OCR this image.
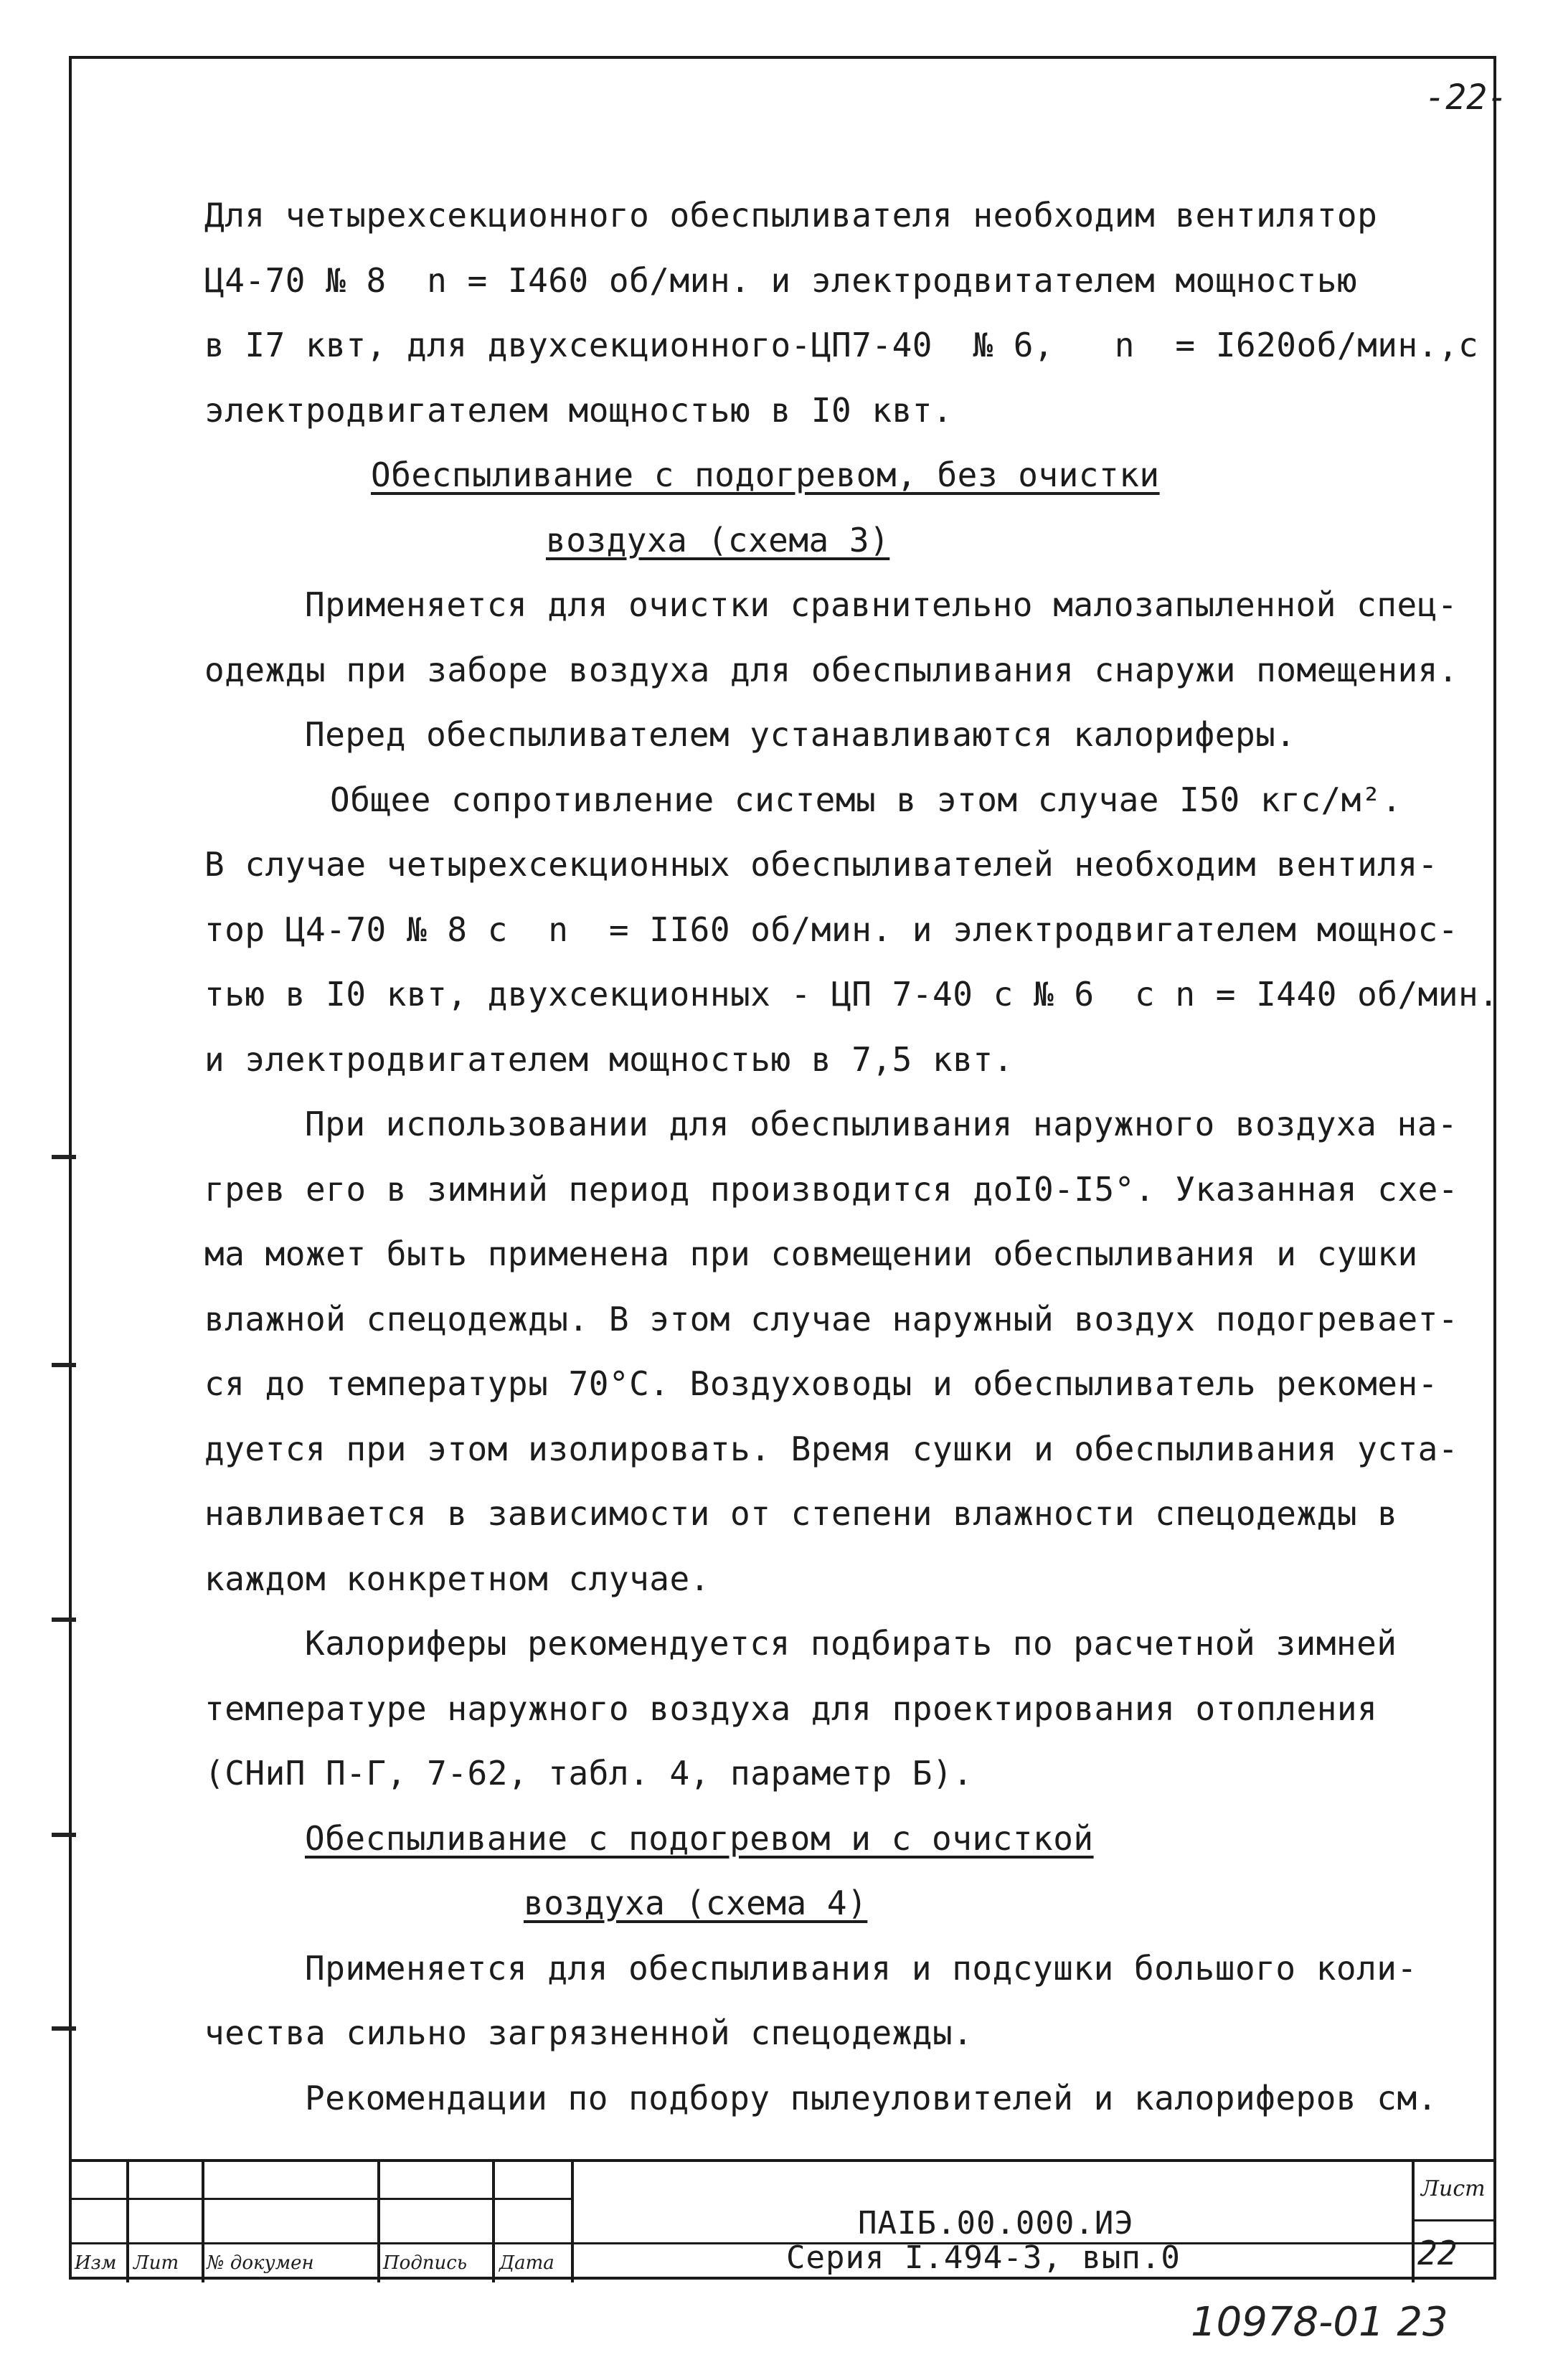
-22-
Для четырехсекционного обеспыливателя необходим вентилятор
Ц4-70 № 8  n = I460 об/мин. и электродвитателем мощностью
в I7 квт, для двухсекционного-ЦП7-40  № 6,   n  = I620об/мин.,с
электродвигателем мощностью в I0 квт.
Обеспыливание с подогревом, без очистки
воздуха (схема 3)
Применяется для очистки сравнительно малозапыленной спец-
одежды при заборе воздуха для обеспыливания снаружи помещения.
Перед обеспыливателем устанавливаются калориферы.
Общее сопротивление системы в этом случае I50 кгс/м².
В случае четырехсекционных обеспыливателей необходим вентиля-
тор Ц4-70 № 8 с  n  = II60 об/мин. и электродвигателем мощнос-
тью в I0 квт, двухсекционных - ЦП 7-40 с № 6  с n = I440 об/мин.
и электродвигателем мощностью в 7,5 квт.
При использовании для обеспыливания наружного воздуха на-
грев его в зимний период производится доI0-I5°. Указанная схе-
ма может быть применена при совмещении обеспыливания и сушки
влажной спецодежды. В этом случае наружный воздух подогревает-
ся до температуры 70°С. Воздуховоды и обеспыливатель рекомен-
дуется при этом изолировать. Время сушки и обеспыливания уста-
навливается в зависимости от степени влажности спецодежды в
каждом конкретном случае.
Калориферы рекомендуется подбирать по расчетной зимней
температуре наружного воздуха для проектирования отопления
(СНиП П-Г, 7-62, табл. 4, параметр Б).
Обеспыливание с подогревом и с очисткой
воздуха (схема 4)
Применяется для обеспыливания и подсушки большого коли-
чества сильно загрязненной спецодежды.
Рекомендации по подбору пылеуловителей и калориферов см.
Изм Лит № докумен	Подпись Дата
ПАIБ.00.000.ИЭ
Серия I.494-3, вып.0
Лист
22
10978-01 23
